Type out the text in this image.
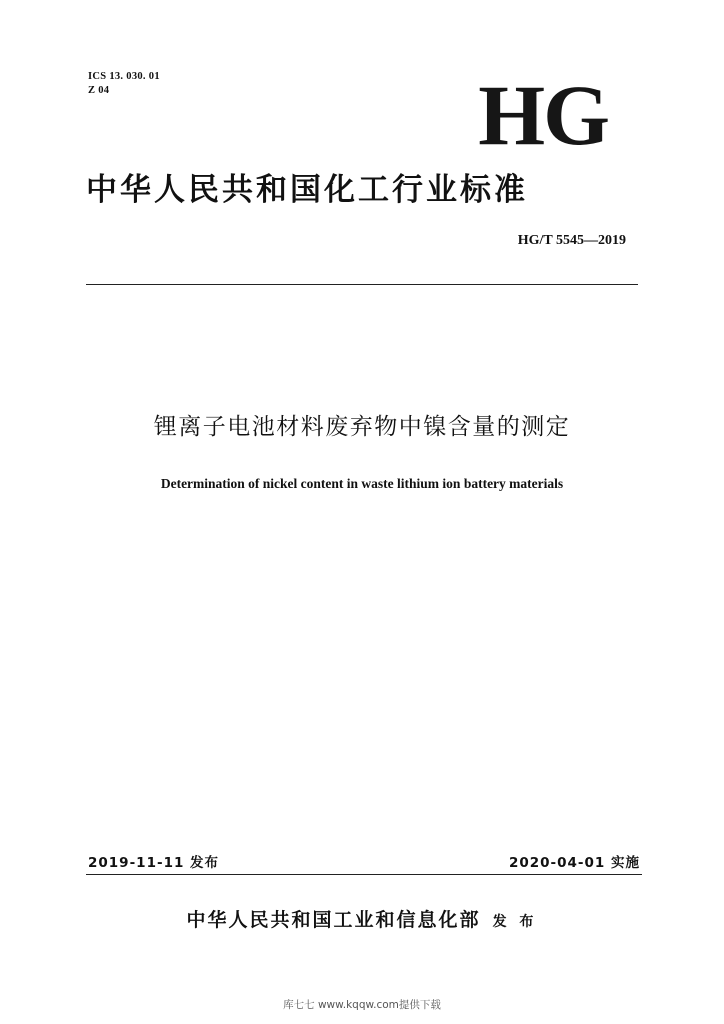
ICS 13. 030. 01
Z 04	HG
中华人民共和国化工行业标准
HG/T 5545—2019
锂离子电池材料废弃物中镍含量的测定
Determination of nickel content in waste lithium ion battery materials
2019-11-11 发布	2020-04-01 实施
中华人民共和国工业和信息化部 发 布
库七七 www.kqqw.com提供下载
